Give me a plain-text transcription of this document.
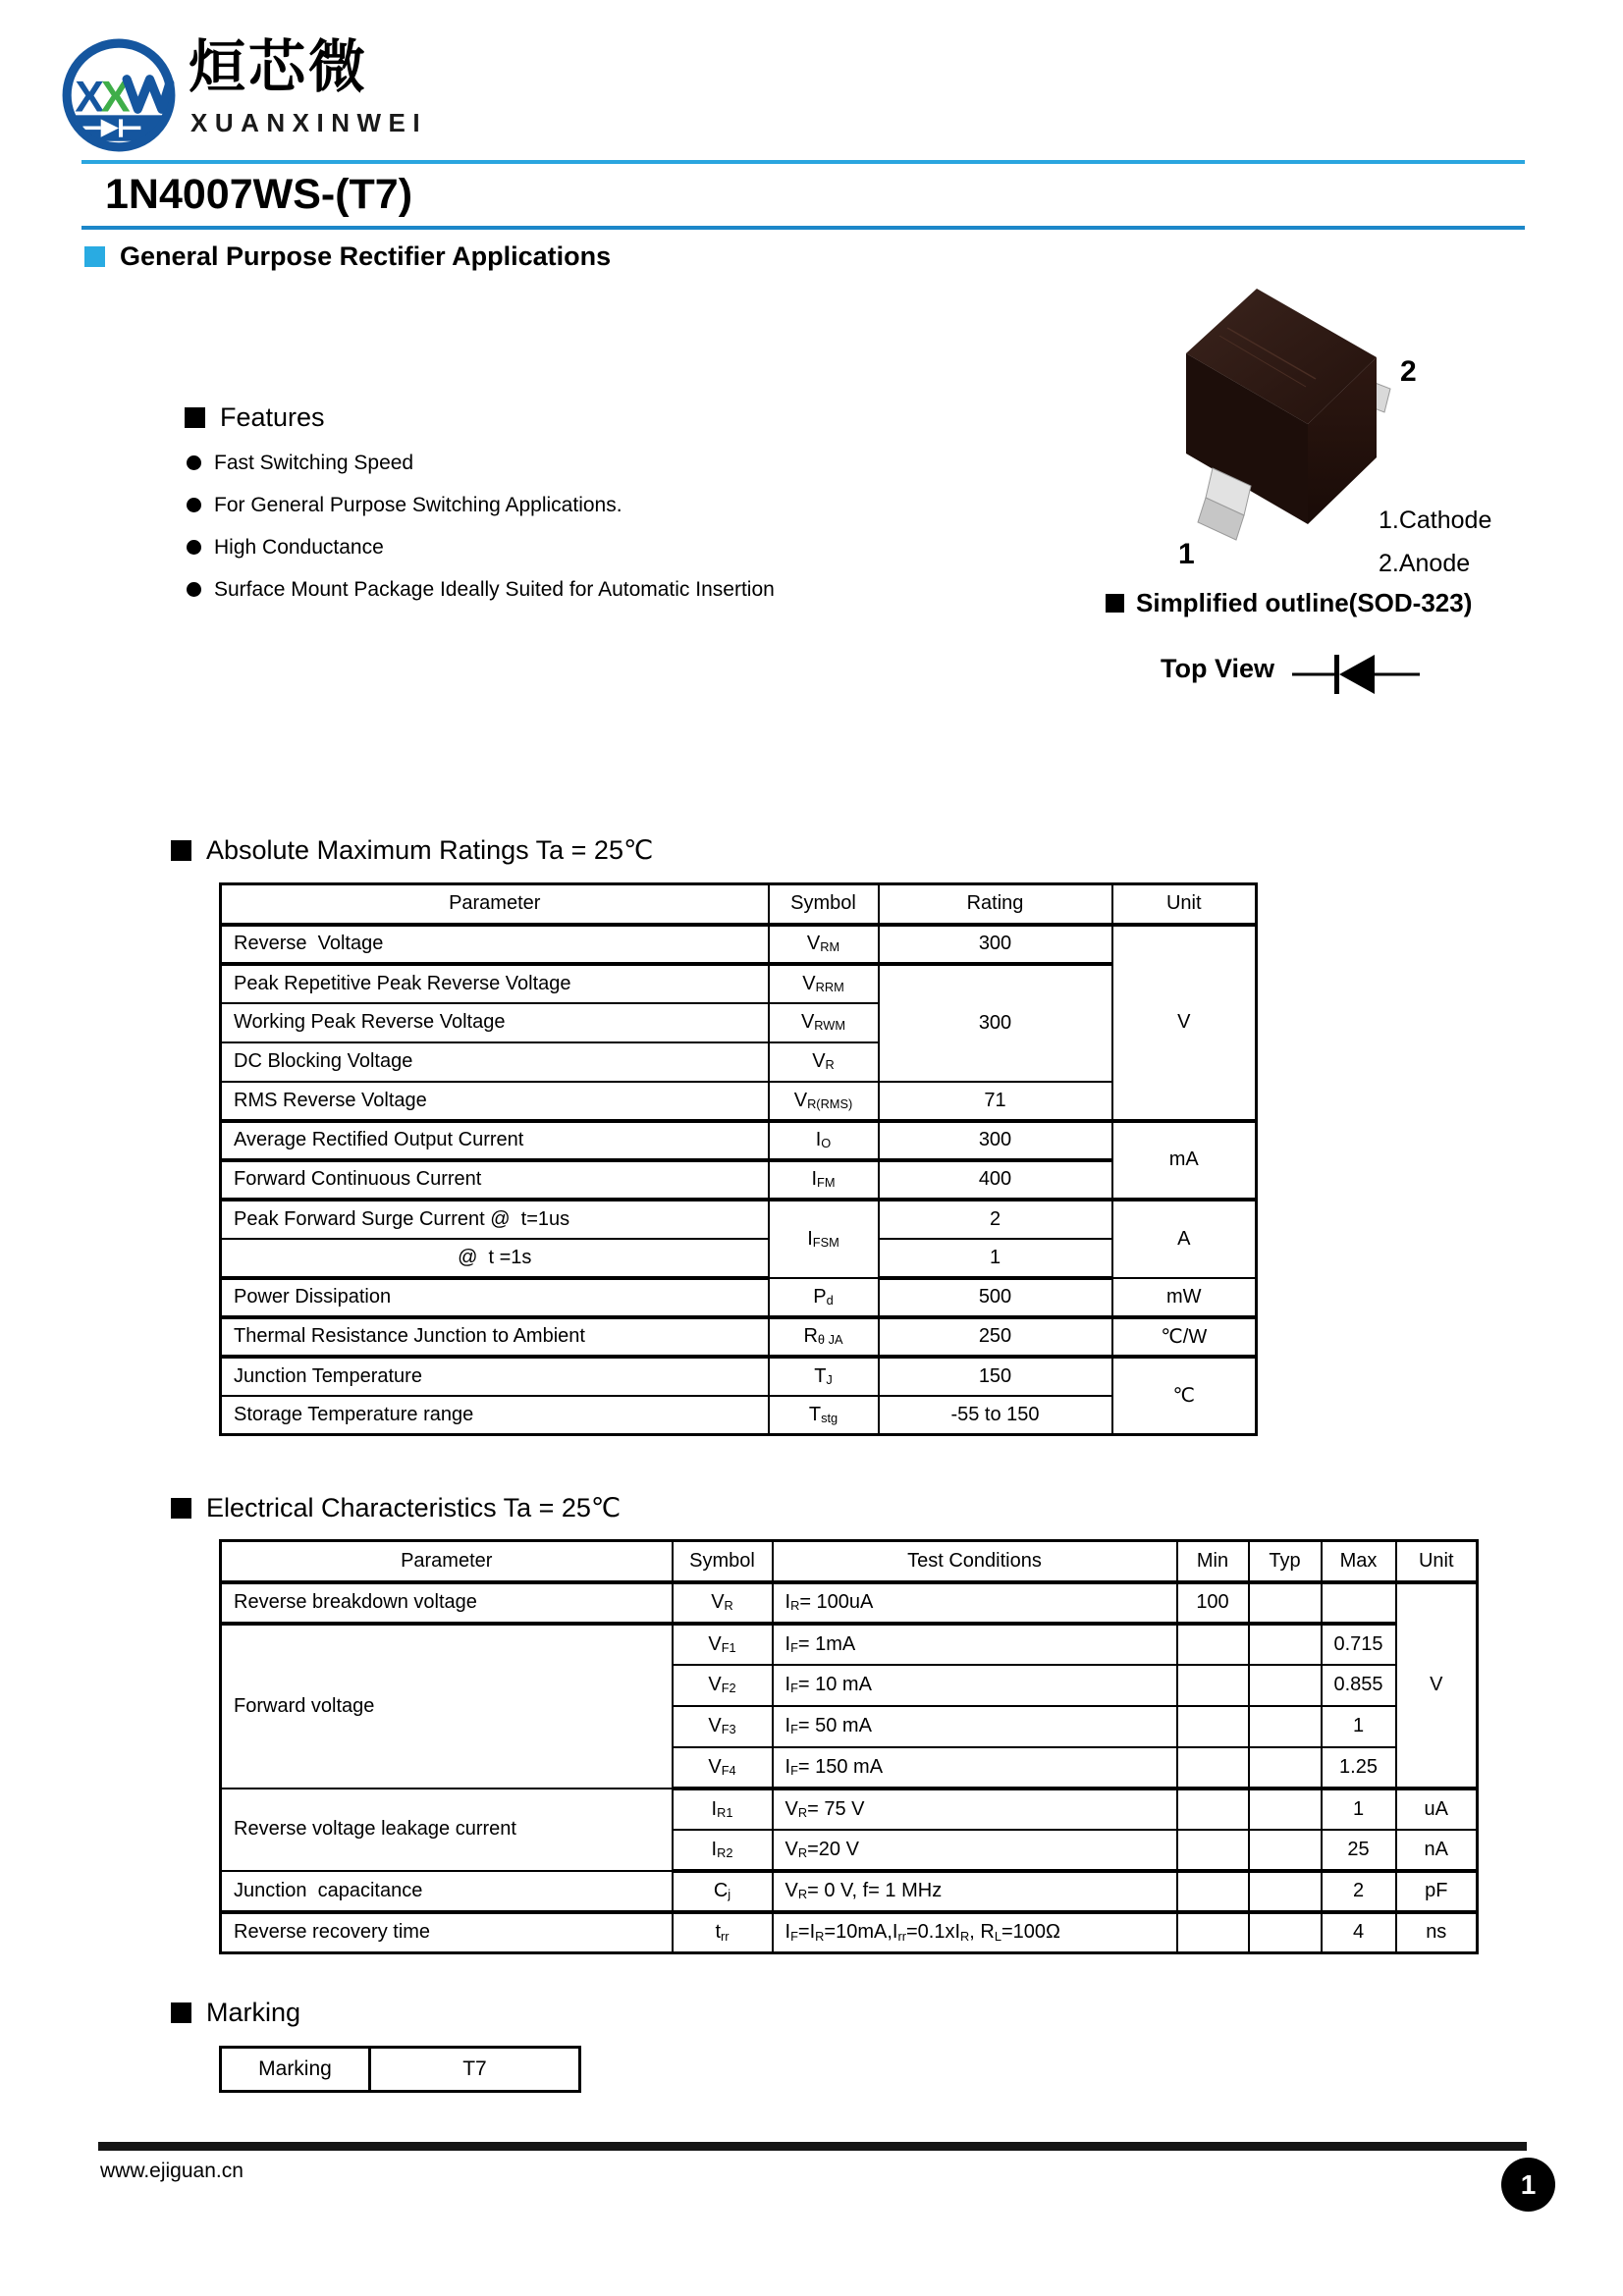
X
X 烜芯微
XUANXINWEI
1N4007WS-(T7)
General Purpose Rectifier Applications
Features
Fast Switching Speed
For General Purpose Switching Applications.
High Conductance
Surface Mount Package Ideally Suited for Automatic Insertion
2
1
1.Cathode
2.Anode
Simplified outline(SOD-323)
Top View
Absolute Maximum Ratings Ta = 25℃
Parameter	Symbol	Rating	Unit
Reverse  Voltage	$V_{RM}$	300	V
Peak Repetitive Peak Reverse Voltage	$V_{RRM}$	300	
Working Peak Reverse Voltage	$V_{RWM}$
DC Blocking Voltage	$V_R$
RMS Reverse Voltage	$V_{R(RMS)}$	71	
Average Rectified Output Current	$I_O$	300	mA
Forward Continuous Current	$I_{FM}$	400	
Peak Forward Surge Current @  t=1us	$I_{FSM}$	2	A
@  t =1s		1	
Power Dissipation	$P_d$	500	mW
Thermal Resistance Junction to Ambient	$R_{\theta JA}$	250	℃/W
Junction Temperature	$T_J$	150	℃
Storage Temperature range	$T_{stg}$	-55 to 150	
Electrical Characteristics Ta = 25℃
Parameter	Symbol	Test Conditions	Min	Typ	Max	Unit
Reverse breakdown voltage	$V_R$	$I_R= 100uA$	100			V
Forward voltage	$V_{F1}$	$I_F= 1mA$			0.715	
	$V_{F2}$	$I_F= 10$ mA			0.855	
	$V_{F3}$	$I_F= 50$ mA			1	
	$V_{F4}$	$I_F= 150$ mA			1.25	
Reverse voltage leakage current	$I_{R1}$	$V_R= 75$ V			1	uA
	$I_{R2}$	$V_R=20$ V			25	nA
Junction  capacitance	$C_j$	$V_R= 0$ V, f= 1 MHz			2	pF
Reverse recovery time	$t_{rr}$	$I_F=I_R=10mA,I_{rr}=0.1xI_R$, $R_L=100\Omega$			4	ns
Marking
Marking	T7
www.ejiguan.cn	1
